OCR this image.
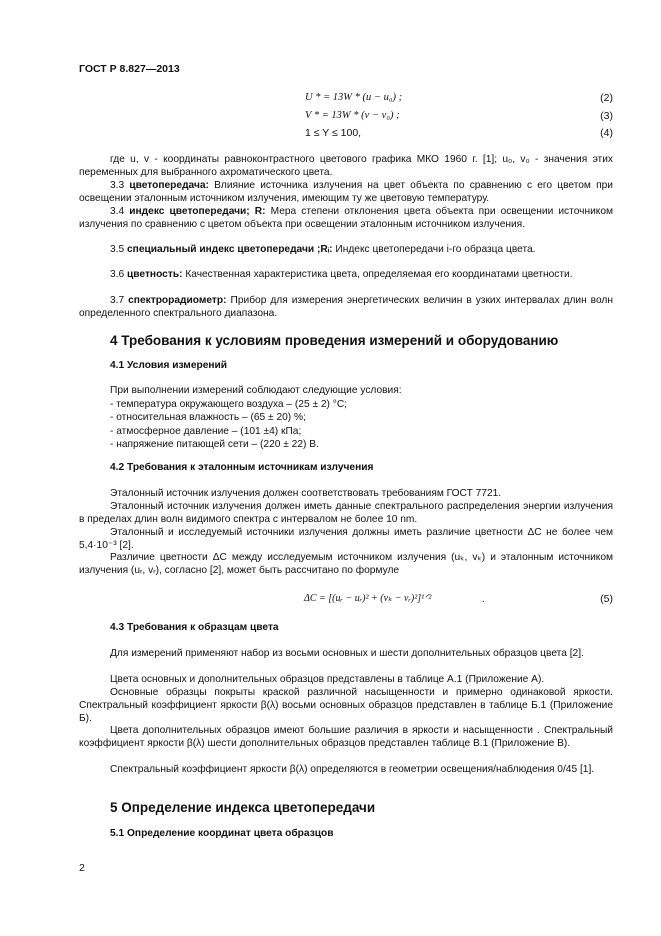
ГОСТ Р 8.827—2013
U * = 13W * (u − u₀) ;	(2)
V * = 13W * (v − v₀) ;	(3)
1 ≤ Y ≤ 100,	(4)
где u, v - координаты равноконтрастного цветового графика МКО 1960 г. [1]; u₀, v₀ - значения этих переменных для выбранного ахроматического цвета.
3.3 цветопередача: Влияние источника излучения на цвет объекта по сравнению с его цветом при освещении эталонным источником излучения, имеющим ту же цветовую температуру.
3.4 индекс цветопередачи; R: Мера степени отклонения цвета объекта при освещении источником излучения по сравнению с цветом объекта при освещении эталонным источником излучения.
3.5 специальный индекс цветопередачи ;Rᵢ: Индекс цветопередачи i-го образца цвета.
3.6 цветность: Качественная характеристика цвета, определяемая его координатами цветности.
3.7 спектрорадиометр: Прибор для измерения энергетических величин в узких интервалах длин волн определенного спектрального диапазона.
4 Требования к условиям проведения измерений и оборудованию
4.1 Условия измерений
При выполнении измерений соблюдают следующие условия:
- температура окружающего воздуха – (25 ± 2) °С;
- относительная влажность – (65 ± 20) %;
- атмосферное давление – (101 ±4) кПа;
- напряжение питающей сети – (220 ± 22) В.
4.2 Требования к эталонным источникам излучения
Эталонный источник излучения должен соответствовать требованиям ГОСТ 7721.
Эталонный источник излучения должен иметь данные спектрального распределения энергии излучения в пределах длин волн видимого спектра с интервалом не более 10 nm.
Эталонный и исследуемый источники излучения должны иметь различие цветности ΔC не более чем 5,4·10⁻³ [2].
Различие цветности ΔC между исследуемым источником излучения (uₖ, vₖ) и эталонным источником излучения (uᵣ, vᵣ), согласно [2], может быть рассчитано по формуле
ΔC = [(uᵣ − uᵣ)² + (vₖ − vᵣ)²]¹ᐟ²	.	(5)
4.3 Требования к образцам цвета
Для измерений применяют набор из восьми основных и шести дополнительных образцов цвета [2].
Цвета основных и дополнительных образцов представлены в таблице А.1 (Приложение А).
Основные образцы покрыты краской различной насыщенности и примерно одинаковой яркости. Спектральный коэффициент яркости β(λ) восьми основных образцов представлен в таблице Б.1 (Приложение Б).
Цвета дополнительных образцов имеют большие различия в яркости и насыщенности . Спектральный коэффициент яркости β(λ) шести дополнительных образцов представлен таблице В.1 (Приложение В).
Спектральный коэффициент яркости β(λ) определяются в геометрии освещения/наблюдения 0/45 [1].
5 Определение индекса цветопередачи
5.1 Определение координат цвета образцов
2
